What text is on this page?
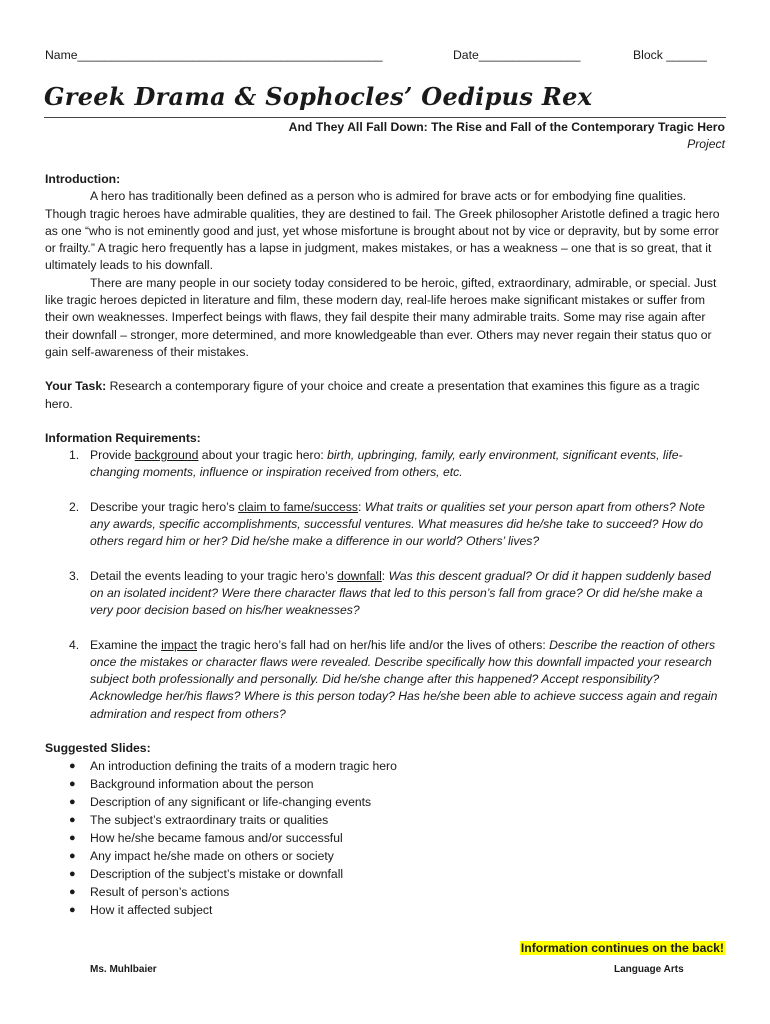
Name_____________________________________________	Date_______________	Block ______
Greek Drama & Sophocles’ Oedipus Rex
And They All Fall Down: The Rise and Fall of the Contemporary Tragic Hero
Project

Introduction:

A hero has traditionally been defined as a person who is admired for brave acts or for embodying fine qualities. Though tragic heroes have admirable qualities, they are destined to fail. The Greek philosopher Aristotle defined a tragic hero as one “who is not eminently good and just, yet whose misfortune is brought about not by vice or depravity, but by some error or frailty.” A tragic hero frequently has a lapse in judgment, makes mistakes, or has a weakness – one that is so great, that it ultimately leads to his downfall.

There are many people in our society today considered to be heroic, gifted, extraordinary, admirable, or special. Just like tragic heroes depicted in literature and film, these modern day, real-life heroes make significant mistakes or suffer from their own weaknesses. Imperfect beings with flaws, they fail despite their many admirable traits. Some may rise again after their downfall – stronger, more determined, and more knowledgeable than ever. Others may never regain their status quo or gain self-awareness of their mistakes.

Your Task: Research a contemporary figure of your choice and create a presentation that examines this figure as a tragic hero.

Information Requirements:

1. Provide background about your tragic hero: birth, upbringing, family, early environment, significant events, life-changing moments, influence or inspiration received from others, etc.
2. Describe your tragic hero’s claim to fame/success: What traits or qualities set your person apart from others? Note any awards, specific accomplishments, successful ventures. What measures did he/she take to succeed? How do others regard him or her? Did he/she make a difference in our world? Others’ lives?
3. Detail the events leading to your tragic hero’s downfall: Was this descent gradual? Or did it happen suddenly based on an isolated incident? Were there character flaws that led to this person’s fall from grace? Or did he/she make a very poor decision based on his/her weaknesses?
4. Examine the impact the tragic hero’s fall had on her/his life and/or the lives of others: Describe the reaction of others once the mistakes or character flaws were revealed. Describe specifically how this downfall impacted your research subject both professionally and personally. Did he/she change after this happened? Accept responsibility? Acknowledge her/his flaws? Where is this person today? Has he/she been able to achieve success again and regain admiration and respect from others?

Suggested Slides:

● An introduction defining the traits of a modern tragic hero
● Background information about the person
● Description of any significant or life-changing events
● The subject’s extraordinary traits or qualities
● How he/she became famous and/or successful
● Any impact he/she made on others or society
● Description of the subject’s mistake or downfall
● Result of person’s actions
● How it affected subject
Information continues on the back!
Ms. Muhlbaier	Language Arts
